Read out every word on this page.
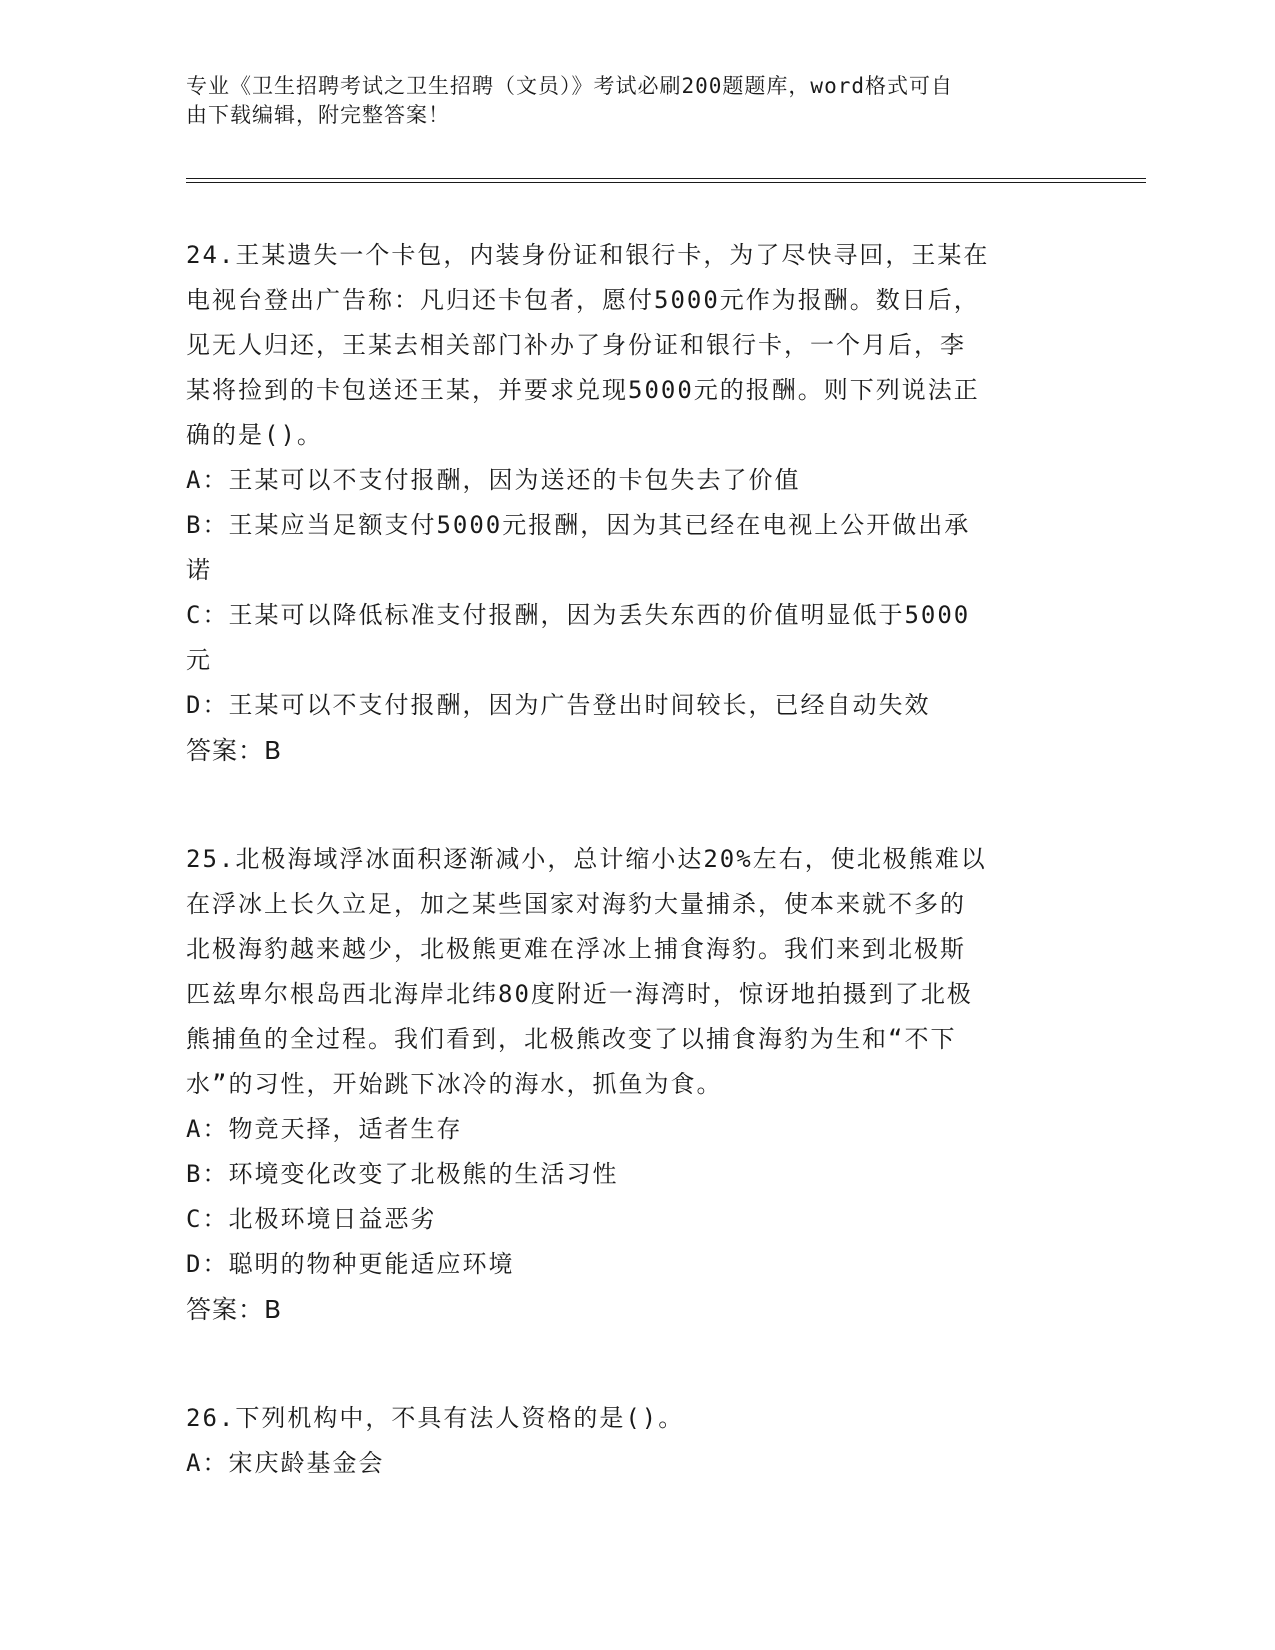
专业《卫生招聘考试之卫生招聘（文员）》考试必刷200题题库，word格式可自
由下载编辑，附完整答案！
24.王某遗失一个卡包，内装身份证和银行卡，为了尽快寻回，王某在
电视台登出广告称：凡归还卡包者，愿付5000元作为报酬。数日后，
见无人归还，王某去相关部门补办了身份证和银行卡，一个月后，李
某将捡到的卡包送还王某，并要求兑现5000元的报酬。则下列说法正
确的是()。
A：王某可以不支付报酬，因为送还的卡包失去了价值
B：王某应当足额支付5000元报酬，因为其已经在电视上公开做出承
诺
C：王某可以降低标准支付报酬，因为丢失东西的价值明显低于5000
元
D：王某可以不支付报酬，因为广告登出时间较长，已经自动失效
答案：B
25.北极海域浮冰面积逐渐减小，总计缩小达20%左右，使北极熊难以
在浮冰上长久立足，加之某些国家对海豹大量捕杀，使本来就不多的
北极海豹越来越少，北极熊更难在浮冰上捕食海豹。我们来到北极斯
匹兹卑尔根岛西北海岸北纬80度附近一海湾时，惊讶地拍摄到了北极
熊捕鱼的全过程。我们看到，北极熊改变了以捕食海豹为生和“不下
水”的习性，开始跳下冰冷的海水，抓鱼为食。
A：物竞天择，适者生存
B：环境变化改变了北极熊的生活习性
C：北极环境日益恶劣
D：聪明的物种更能适应环境
答案：B
26.下列机构中，不具有法人资格的是()。
A：宋庆龄基金会
